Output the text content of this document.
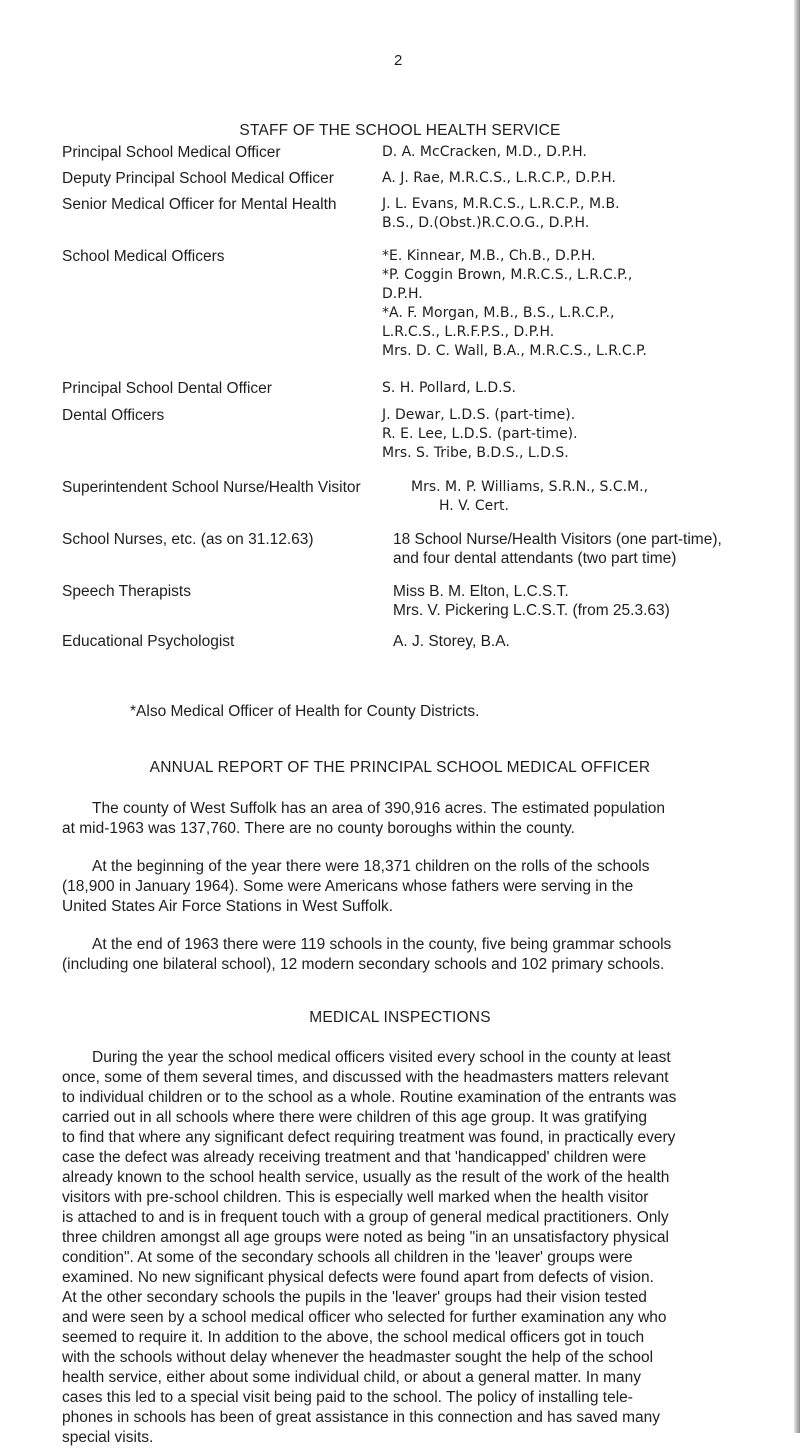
2
STAFF OF THE SCHOOL HEALTH SERVICE
Principal School Medical Officer	D. A. McCracken, M.D., D.P.H.
Deputy Principal School Medical Officer	A. J. Rae, M.R.C.S., L.R.C.P., D.P.H.
Senior Medical Officer for Mental Health	J. L. Evans, M.R.C.S., L.R.C.P., M.B.
B.S., D.(Obst.)R.C.O.G., D.P.H.
School Medical Officers	*E. Kinnear, M.B., Ch.B., D.P.H.
*P. Coggin Brown, M.R.C.S., L.R.C.P.,
D.P.H.
*A. F. Morgan, M.B., B.S., L.R.C.P.,
L.R.C.S., L.R.F.P.S., D.P.H.
Mrs. D. C. Wall, B.A., M.R.C.S., L.R.C.P.
Principal School Dental Officer	S. H. Pollard, L.D.S.
Dental Officers	J. Dewar, L.D.S. (part-time).
R. E. Lee, L.D.S. (part-time).
Mrs. S. Tribe, B.D.S., L.D.S.
Superintendent School Nurse/Health Visitor	Mrs. M. P. Williams, S.R.N., S.C.M.,
H. V. Cert.
School Nurses, etc. (as on 31.12.63)	18 School Nurse/Health Visitors (one part-time),
and four dental attendants (two part time)
Speech Therapists	Miss B. M. Elton, L.C.S.T.
Mrs. V. Pickering L.C.S.T. (from 25.3.63)
Educational Psychologist	A. J. Storey, B.A.
*Also Medical Officer of Health for County Districts.
ANNUAL REPORT OF THE PRINCIPAL SCHOOL MEDICAL OFFICER
The county of West Suffolk has an area of 390,916 acres. The estimated population
at mid-1963 was 137,760. There are no county boroughs within the county.
At the beginning of the year there were 18,371 children on the rolls of the schools
(18,900 in January 1964). Some were Americans whose fathers were serving in the
United States Air Force Stations in West Suffolk.
At the end of 1963 there were 119 schools in the county, five being grammar schools
(including one bilateral school), 12 modern secondary schools and 102 primary schools.
MEDICAL INSPECTIONS
During the year the school medical officers visited every school in the county at least
once, some of them several times, and discussed with the headmasters matters relevant
to individual children or to the school as a whole. Routine examination of the entrants was
carried out in all schools where there were children of this age group. It was gratifying
to find that where any significant defect requiring treatment was found, in practically every
case the defect was already receiving treatment and that 'handicapped' children were
already known to the school health service, usually as the result of the work of the health
visitors with pre-school children. This is especially well marked when the health visitor
is attached to and is in frequent touch with a group of general medical practitioners. Only
three children amongst all age groups were noted as being "in an unsatisfactory physical
condition". At some of the secondary schools all children in the 'leaver' groups were
examined. No new significant physical defects were found apart from defects of vision.
At the other secondary schools the pupils in the 'leaver' groups had their vision tested
and were seen by a school medical officer who selected for further examination any who
seemed to require it. In addition to the above, the school medical officers got in touch
with the schools without delay whenever the headmaster sought the help of the school
health service, either about some individual child, or about a general matter. In many
cases this led to a special visit being paid to the school. The policy of installing tele-
phones in schools has been of great assistance in this connection and has saved many
special visits.
